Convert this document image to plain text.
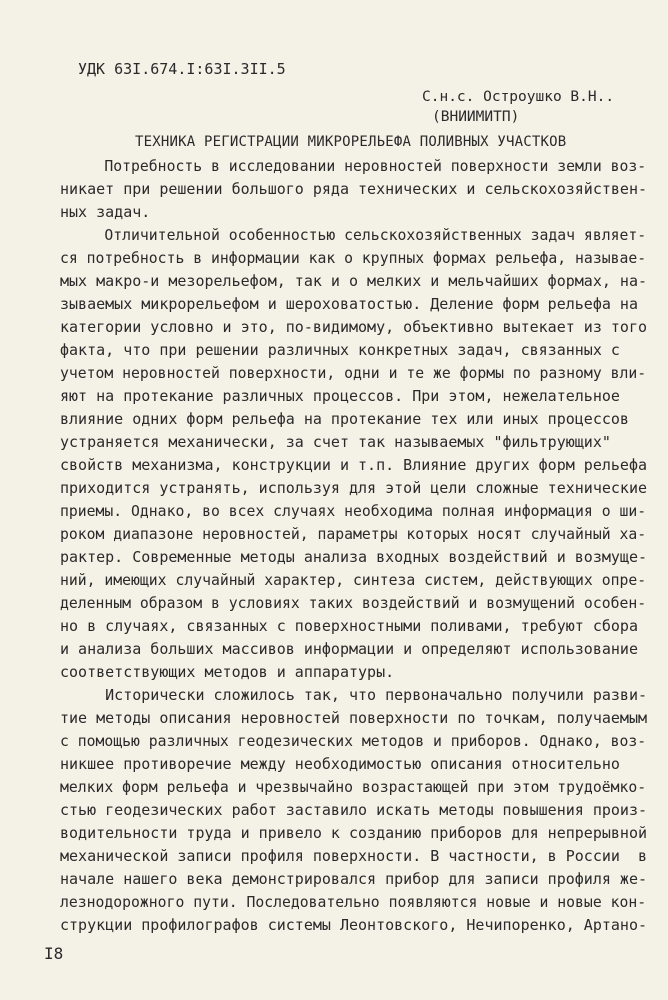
УДК 63I.674.I:63I.3II.5
С.н.с. Остроушко В.Н..
(ВНИИМИТП)
ТЕХНИКА РЕГИСТРАЦИИ МИКРОРЕЛЬЕФА ПОЛИВНЫХ УЧАСТКОВ
Потребность в исследовании неровностей поверхности земли воз-
никает при решении большого ряда технических и сельскохозяйствен-
ных задач.
Отличительной особенностью сельскохозяйственных задач являет-
ся потребность в информации как о крупных формах рельефа, называе-
мых макро-и мезорельефом, так и о мелких и мельчайших формах, на-
зываемых микрорельефом и шероховатостью. Деление форм рельефа на
категории условно и это, по-видимому, объективно вытекает из того
факта, что при решении различных конкретных задач, связанных с
учетом неровностей поверхности, одни и те же формы по разному вли-
яют на протекание различных процессов. При этом, нежелательное
влияние одних форм рельефа на протекание тех или иных процессов
устраняется механически, за счет так называемых "фильтрующих"
свойств механизма, конструкции и т.п. Влияние других форм рельефа
приходится устранять, используя для этой цели сложные технические
приемы. Однако, во всех случаях необходима полная информация о ши-
роком диапазоне неровностей, параметры которых носят случайный ха-
рактер. Современные методы анализа входных воздействий и возмуще-
ний, имеющих случайный характер, синтеза систем, действующих опре-
деленным образом в условиях таких воздействий и возмущений особен-
но в случаях, связанных с поверхностными поливами, требуют сбора
и анализа больших массивов информации и определяют использование
соответствующих методов и аппаратуры.
Исторически сложилось так, что первоначально получили разви-
тие методы описания неровностей поверхности по точкам, получаемым
с помощью различных геодезических методов и приборов. Однако, воз-
никшее противоречие между необходимостью описания относительно
мелких форм рельефа и чрезвычайно возрастающей при этом трудоёмко-
стью геодезических работ заставило искать методы повышения произ-
водительности труда и привело к созданию приборов для непрерывной
механической записи профиля поверхности. В частности, в России  в
начале нашего века демонстрировался прибор для записи профиля же-
лезнодорожного пути. Последовательно появляются новые и новые кон-
струкции профилографов системы Леонтовского, Нечипоренко, Артано-
I8
